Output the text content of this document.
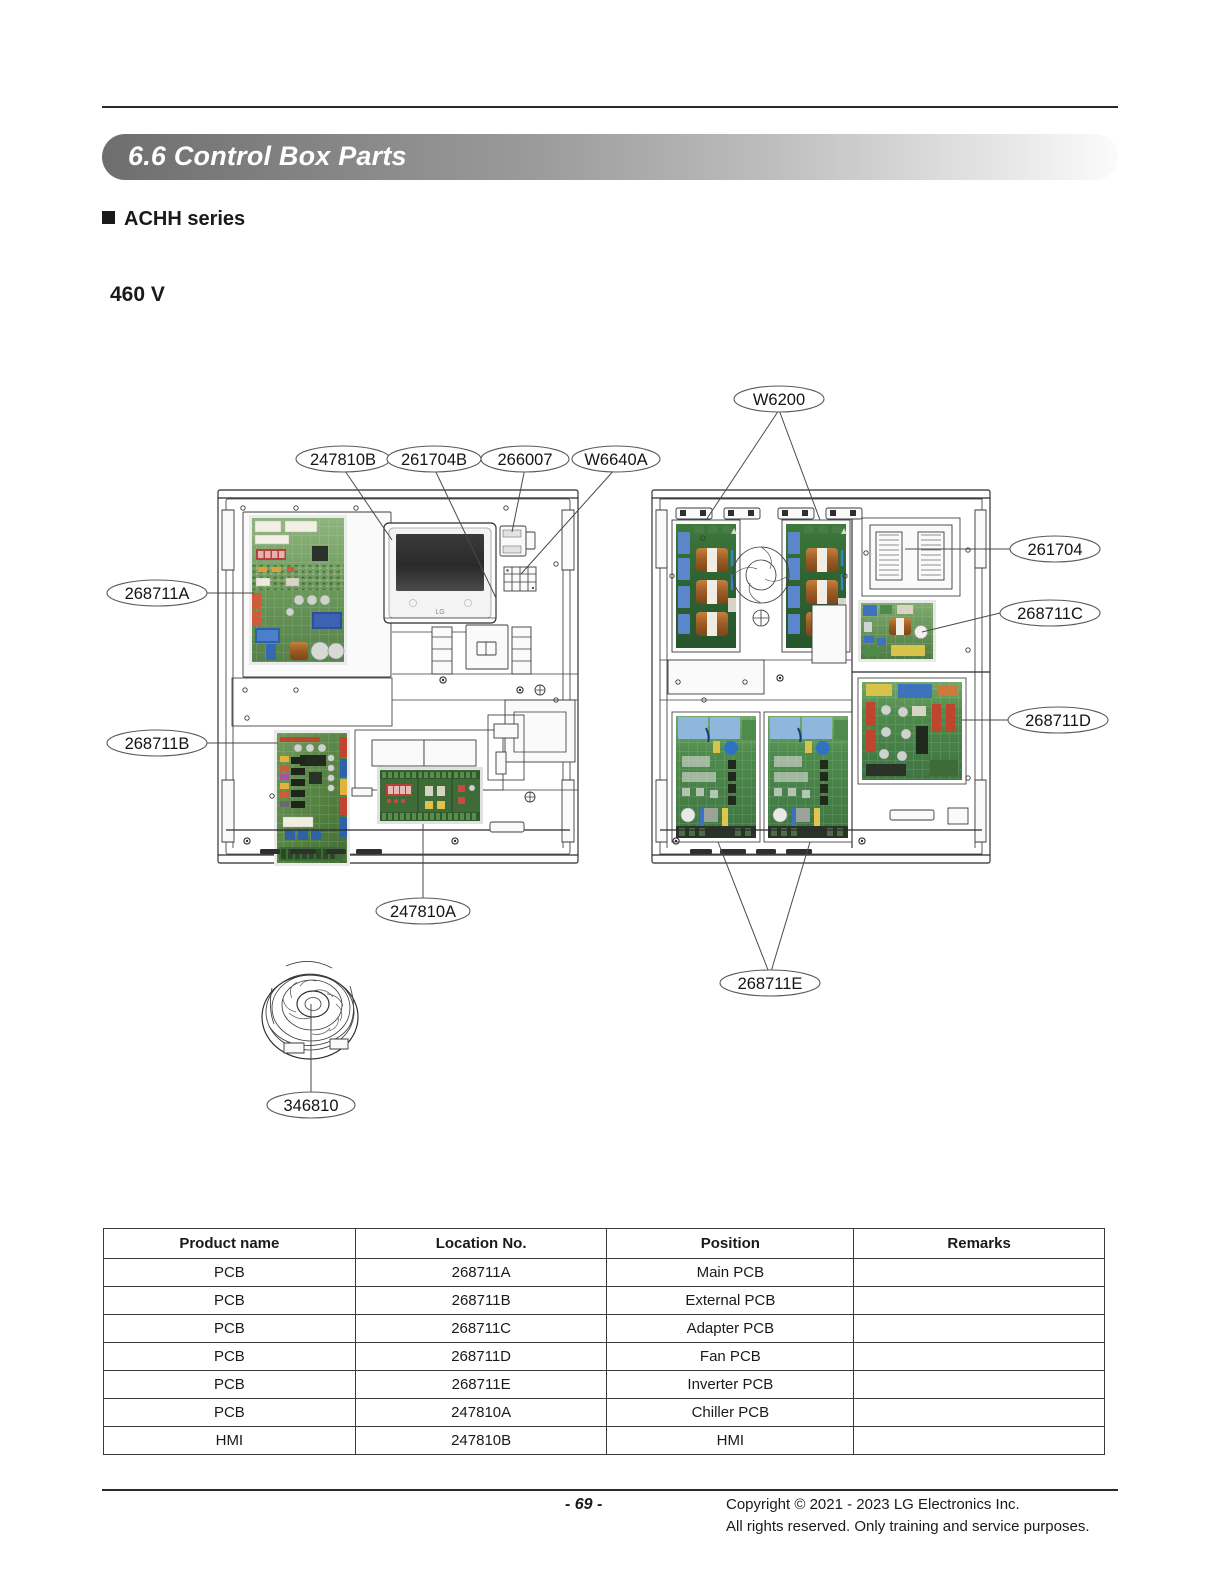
6.6 Control Box Parts
ACHH series
460 V
LG
247810B 261704B 266007 W6640A
W6200
268711A
268711B
247810A
261704
268711C
268711D
268711E
346810
Product name	Location No.	Position	Remarks
PCB	268711A	Main PCB	
PCB	268711B	External PCB	
PCB	268711C	Adapter PCB	
PCB	268711D	Fan PCB	
PCB	268711E	Inverter PCB	
PCB	247810A	Chiller PCB	
HMI	247810B	HMI	
- 69 -	Copyright © 2021 - 2023 LG Electronics Inc.
All rights reserved. Only training and service purposes.
